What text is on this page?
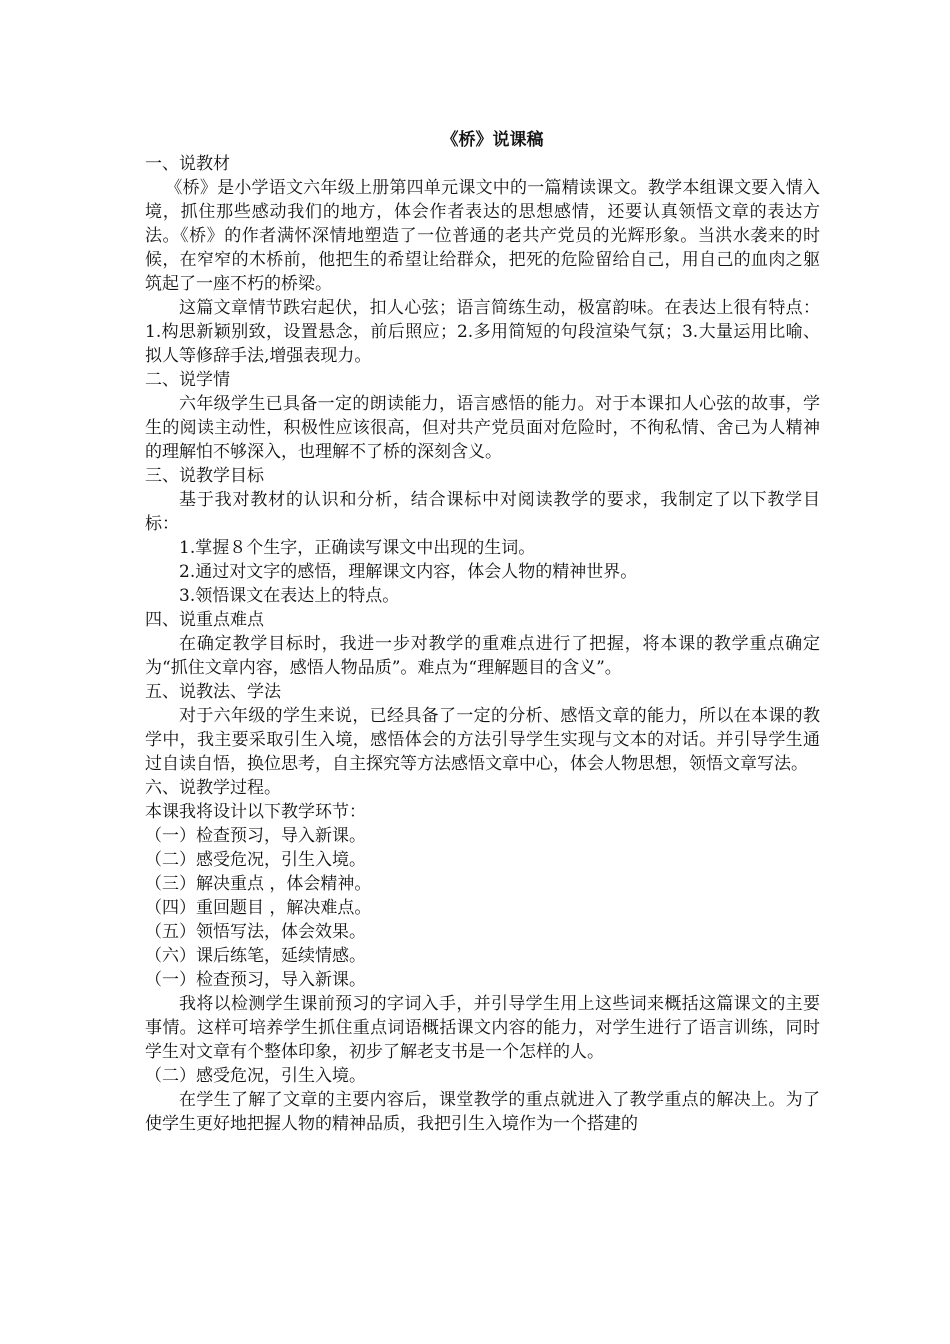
《桥》说课稿

一、说教材

《桥》是小学语文六年级上册第四单元课文中的一篇精读课文。教学本组课文要入情入境，抓住那些感动我们的地方，体会作者表达的思想感情，还要认真领悟文章的表达方法。《桥》的作者满怀深情地塑造了一位普通的老共产党员的光辉形象。当洪水袭来的时候，在窄窄的木桥前，他把生的希望让给群众，把死的危险留给自己，用自己的血肉之躯筑起了一座不朽的桥梁。

这篇文章情节跌宕起伏，扣人心弦；语言简练生动，极富韵味。在表达上很有特点：1.构思新颖别致，设置悬念，前后照应；2.多用简短的句段渲染气氛；3.大量运用比喻、拟人等修辞手法,增强表现力。

二、说学情

六年级学生已具备一定的朗读能力，语言感悟的能力。对于本课扣人心弦的故事，学生的阅读主动性，积极性应该很高，但对共产党员面对危险时，不徇私情、舍己为人精神的理解怕不够深入，也理解不了桥的深刻含义。

三、说教学目标

基于我对教材的认识和分析，结合课标中对阅读教学的要求，我制定了以下教学目标：

1.掌握８个生字，正确读写课文中出现的生词。

2.通过对文字的感悟，理解课文内容，体会人物的精神世界。

3.领悟课文在表达上的特点。

四、说重点难点

在确定教学目标时，我进一步对教学的重难点进行了把握，将本课的教学重点确定为“抓住文章内容，感悟人物品质”。难点为“理解题目的含义”。

五、说教法、学法

对于六年级的学生来说，已经具备了一定的分析、感悟文章的能力，所以在本课的教学中，我主要采取引生入境，感悟体会的方法引导学生实现与文本的对话。并引导学生通过自读自悟，换位思考，自主探究等方法感悟文章中心，体会人物思想，领悟文章写法。

六、说教学过程。

本课我将设计以下教学环节：

（一）检查预习，导入新课。

（二）感受危况，引生入境。

（三）解决重点 ，体会精神。

（四）重回题目 ，解决难点。

（五）领悟写法，体会效果。

（六）课后练笔，延续情感。

（一）检查预习，导入新课。

我将以检测学生课前预习的字词入手，并引导学生用上这些词来概括这篇课文的主要事情。这样可培养学生抓住重点词语概括课文内容的能力，对学生进行了语言训练，同时学生对文章有个整体印象，初步了解老支书是一个怎样的人。

（二）感受危况，引生入境。

在学生了解了文章的主要内容后，课堂教学的重点就进入了教学重点的解决上。为了使学生更好地把握人物的精神品质，我把引生入境作为一个搭建的
